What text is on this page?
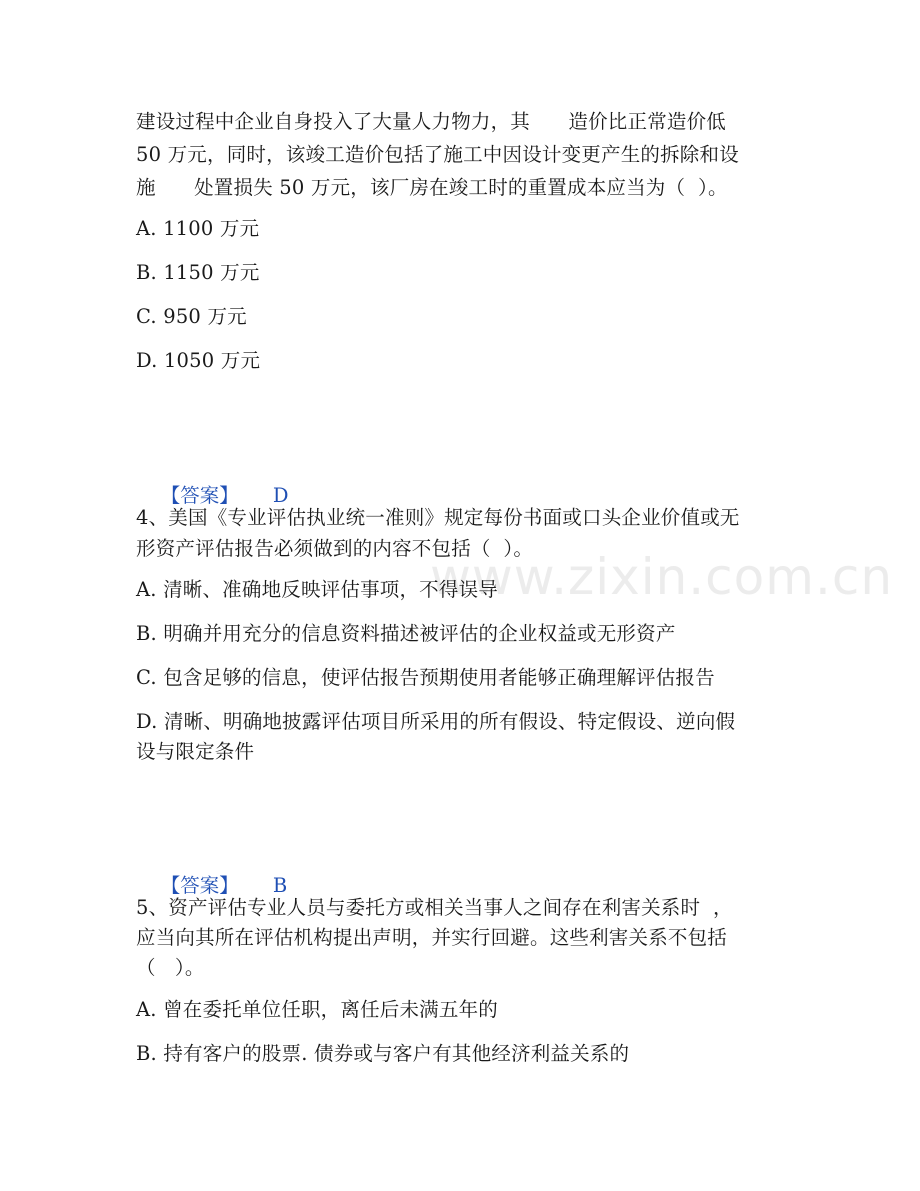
www.zixin.com.cn
建设过程中企业自身投入了大量人力物力，其      造价比正常造价低
50 万元，同时，该竣工造价包括了施工中因设计变更产生的拆除和设
施      处置损失 50 万元，该厂房在竣工时的重置成本应当为（  ）。
A. 1100 万元
B. 1150 万元
C. 950 万元
D. 1050 万元

【答案】 D

4、美国《专业评估执业统一准则》规定每份书面或口头企业价值或无
形资产评估报告必须做到的内容不包括（  ）。
A. 清晰、准确地反映评估事项，不得误导
B. 明确并用充分的信息资料描述被评估的企业权益或无形资产
C. 包含足够的信息，使评估报告预期使用者能够正确理解评估报告
D. 清晰、明确地披露评估项目所采用的所有假设、特定假设、逆向假
设与限定条件

【答案】 B

5、资产评估专业人员与委托方或相关当事人之间存在利害关系时  ，
应当向其所在评估机构提出声明，并实行回避。这些利害关系不包括
（   ）。
A. 曾在委托单位任职，离任后未满五年的
B. 持有客户的股票. 债券或与客户有其他经济利益关系的
